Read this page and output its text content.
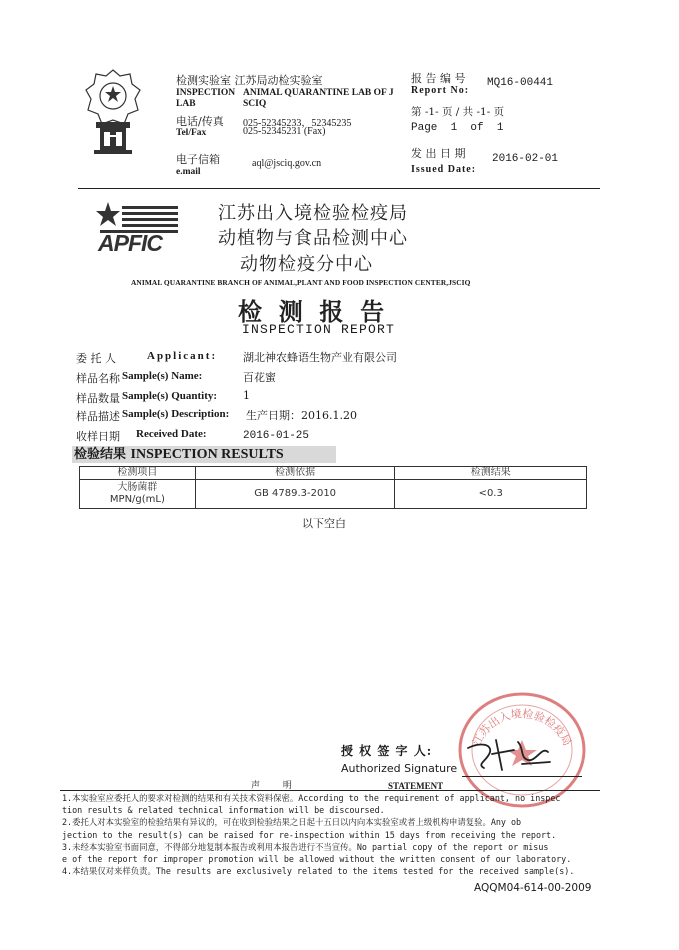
检测实验室 江苏局动检实验室
INSPECTION
LAB
ANIMAL QUARANTINE LAB OF J
SCIQ
电话/传真
Tel/Fax
025-52345233，52345235
025-52345231 (Fax)
电子信箱
e.mail
aql@jsciq.gov.cn
报 告 编 号
Report No:
MQ16-00441
第 -1- 页 / 共 -1- 页
Page  1  of  1
发 出 日 期
Issued Date:
2016-02-01
APFIC
江苏出入境检验检疫局
动植物与食品检测中心
动物检疫分中心
ANIMAL QUARANTINE BRANCH OF ANIMAL,PLANT AND FOOD INSPECTION CENTER,JSCIQ
检  测  报  告
INSPECTION REPORT
委 托 人	Applicant: 湖北神农蜂语生物产业有限公司
样品名称 Sample(s) Name:	百花蜜
样品数量 Sample(s) Quantity: 1
样品描述 Sample(s) Description: 生产日期：2016.1.20
收样日期 Received Date:	2016-01-25
检验结果 INSPECTION RESULTS
检测项目	检测依据	检测结果

大肠菌群
MPN/g(mL)	GB 4789.3-2010	<0.3
以下空白
江苏出入境检验检疫局
授 权 签 字 人:
Authorized Signature
声        明	STATEMENT

1.本实验室应委托人的要求对检测的结果和有关技术资料保密。According to the requirement of applicant, no inspec

tion results & related technical information will be discoursed.

2.委托人对本实验室的检验结果有异议的，可在收到检验结果之日起十五日以内向本实验室或者上级机构申请复验。Any ob

jection to the result(s) can be raised for re-inspection within 15 days from receiving the report.

3.未经本实验室书面同意，不得部分地复制本报告或利用本报告进行不当宣传。No partial copy of the report or misus

e of the report for improper promotion will be allowed without the written consent of our laboratory.

4.本结果仅对来样负责。The results are exclusively related to the items tested for the received sample(s).

AQQM04-614-00-2009
